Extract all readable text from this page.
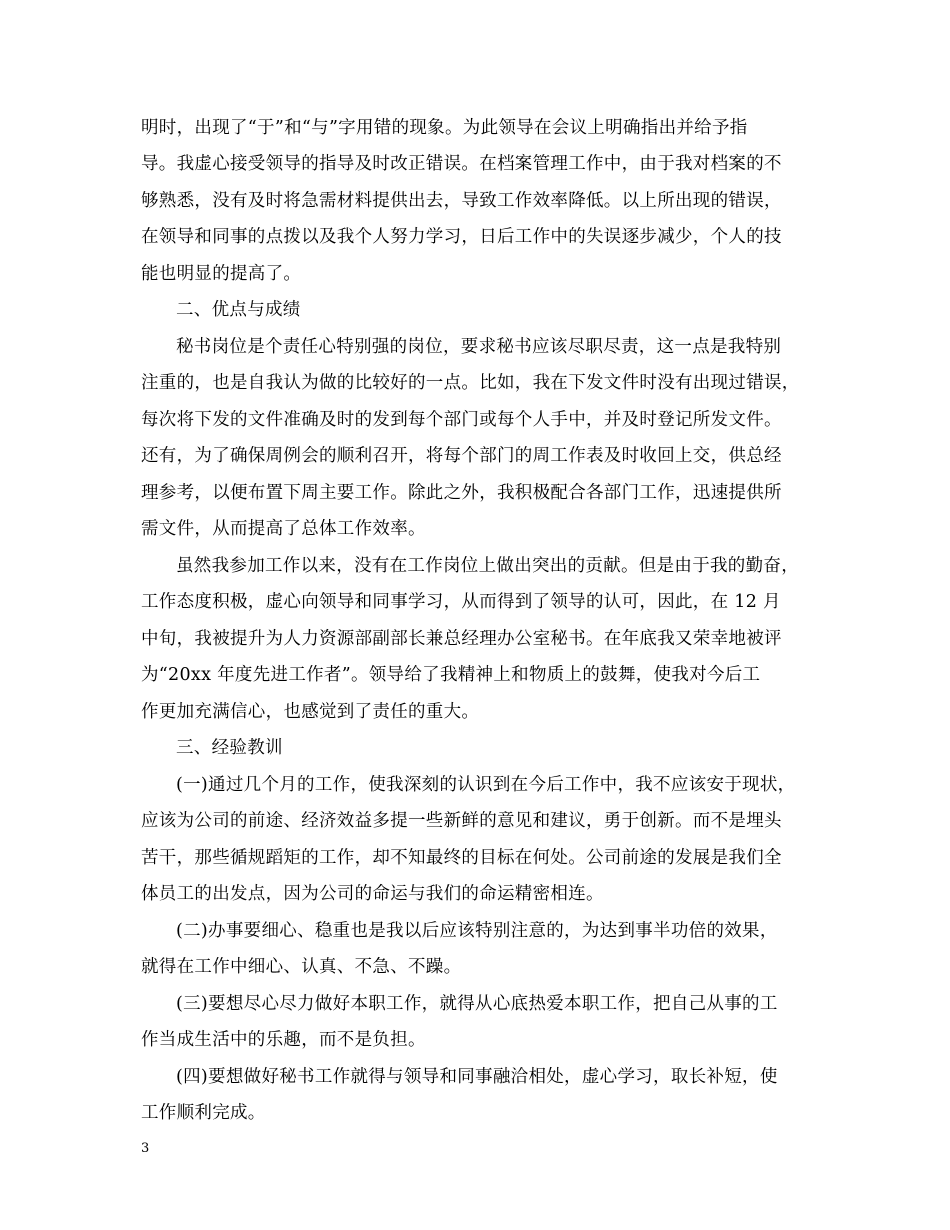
明时，出现了“于”和“与”字用错的现象。为此领导在会议上明确指出并给予指
导。我虚心接受领导的指导及时改正错误。在档案管理工作中，由于我对档案的不
够熟悉，没有及时将急需材料提供出去，导致工作效率降低。以上所出现的错误，
在领导和同事的点拨以及我个人努力学习，日后工作中的失误逐步减少，个人的技
能也明显的提高了。
二、优点与成绩
秘书岗位是个责任心特别强的岗位，要求秘书应该尽职尽责，这一点是我特别
注重的，也是自我认为做的比较好的一点。比如，我在下发文件时没有出现过错误，
每次将下发的文件准确及时的发到每个部门或每个人手中，并及时登记所发文件。
还有，为了确保周例会的顺利召开，将每个部门的周工作表及时收回上交，供总经
理参考，以便布置下周主要工作。除此之外，我积极配合各部门工作，迅速提供所
需文件，从而提高了总体工作效率。
虽然我参加工作以来，没有在工作岗位上做出突出的贡献。但是由于我的勤奋，
工作态度积极，虚心向领导和同事学习，从而得到了领导的认可，因此，在 12 月
中旬，我被提升为人力资源部副部长兼总经理办公室秘书。在年底我又荣幸地被评
为“20xx 年度先进工作者”。领导给了我精神上和物质上的鼓舞，使我对今后工
作更加充满信心，也感觉到了责任的重大。
三、经验教训
(一)通过几个月的工作，使我深刻的认识到在今后工作中，我不应该安于现状，
应该为公司的前途、经济效益多提一些新鲜的意见和建议，勇于创新。而不是埋头
苦干，那些循规蹈矩的工作，却不知最终的目标在何处。公司前途的发展是我们全
体员工的出发点，因为公司的命运与我们的命运精密相连。
(二)办事要细心、稳重也是我以后应该特别注意的，为达到事半功倍的效果，
就得在工作中细心、认真、不急、不躁。
(三)要想尽心尽力做好本职工作，就得从心底热爱本职工作，把自己从事的工
作当成生活中的乐趣，而不是负担。
(四)要想做好秘书工作就得与领导和同事融洽相处，虚心学习，取长补短，使
工作顺利完成。
3
